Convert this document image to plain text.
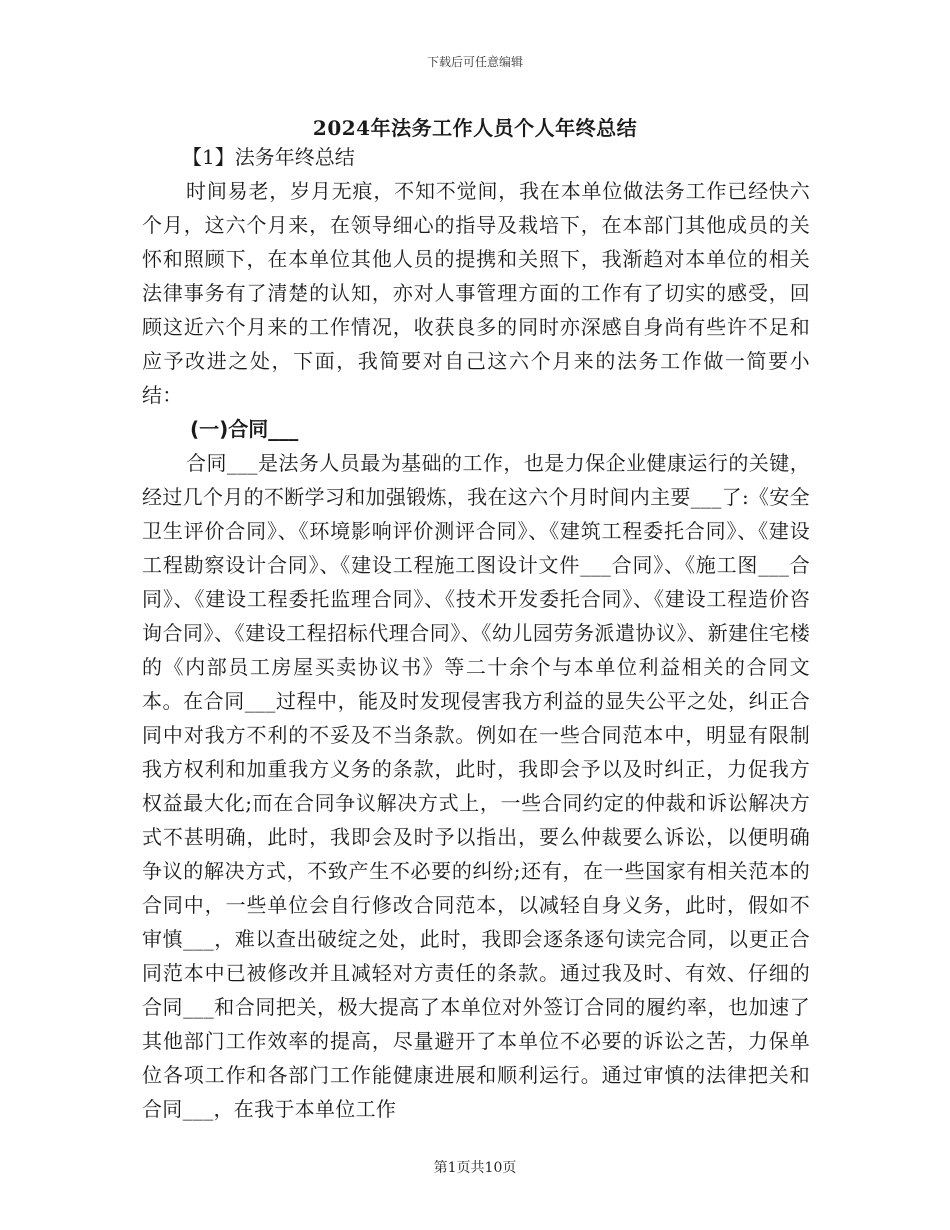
下载后可任意编辑
2024年法务工作人员个人年终总结

【1】法务年终总结

时间易老，岁月无痕，不知不觉间，我在本单位做法务工作已经快六个月，这六个月来，在领导细心的指导及栽培下，在本部门其他成员的关怀和照顾下，在本单位其他人员的提携和关照下，我渐趋对本单位的相关法律事务有了清楚的认知，亦对人事管理方面的工作有了切实的感受，回顾这近六个月来的工作情况，收获良多的同时亦深感自身尚有些许不足和应予改进之处，下面，我简要对自己这六个月来的法务工作做一简要小结：

(一)合同___

合同___是法务人员最为基础的工作，也是力保企业健康运行的关键，经过几个月的不断学习和加强锻炼，我在这六个月时间内主要___了:《安全卫生评价合同》、《环境影响评价测评合同》、《建筑工程委托合同》、《建设工程勘察设计合同》、《建设工程施工图设计文件___合同》、《施工图___合同》、《建设工程委托监理合同》、《技术开发委托合同》、《建设工程造价咨询合同》、《建设工程招标代理合同》、《幼儿园劳务派遣协议》、新建住宅楼的《内部员工房屋买卖协议书》等二十余个与本单位利益相关的合同文本。在合同___过程中，能及时发现侵害我方利益的显失公平之处，纠正合同中对我方不利的不妥及不当条款。例如在一些合同范本中，明显有限制我方权利和加重我方义务的条款，此时，我即会予以及时纠正，力促我方权益最大化;而在合同争议解决方式上，一些合同约定的仲裁和诉讼解决方式不甚明确，此时，我即会及时予以指出，要么仲裁要么诉讼，以便明确争议的解决方式，不致产生不必要的纠纷;还有，在一些国家有相关范本的合同中，一些单位会自行修改合同范本，以减轻自身义务，此时，假如不审慎___，难以查出破绽之处，此时，我即会逐条逐句读完合同，以更正合同范本中已被修改并且减轻对方责任的条款。通过我及时、有效、仔细的合同___和合同把关，极大提高了本单位对外签订合同的履约率，也加速了其他部门工作效率的提高，尽量避开了本单位不必要的诉讼之苦，力保单位各项工作和各部门工作能健康进展和顺利运行。通过审慎的法律把关和合同___，在我于本单位工作

第1页共10页
